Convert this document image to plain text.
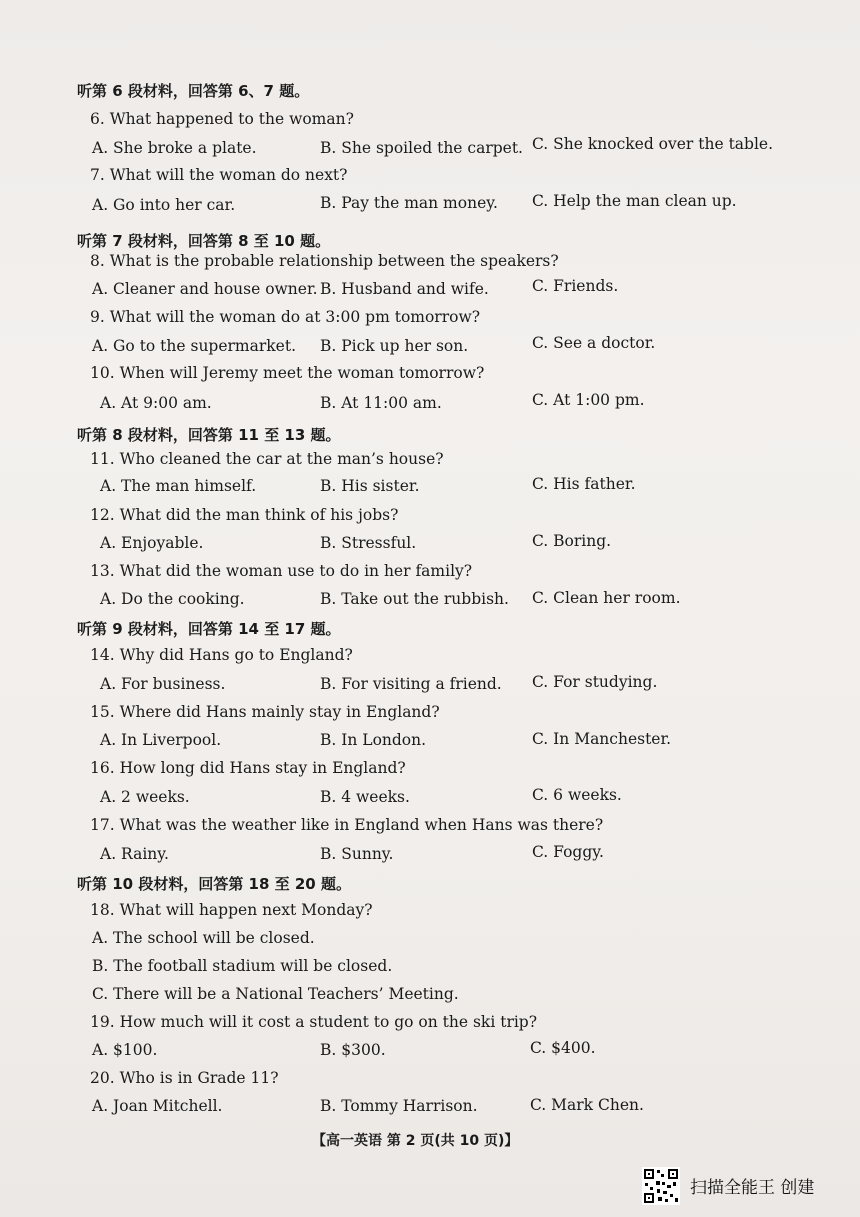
听第 6 段材料，回答第 6、7 题。
听第 7 段材料，回答第 8 至 10 题。
听第 8 段材料，回答第 11 至 13 题。
听第 9 段材料，回答第 14 至 17 题。
听第 10 段材料，回答第 18 至 20 题。
6. What happened to the woman?
A. She broke a plate.	B. She spoiled the carpet. C. She knocked over the table.
7. What will the woman do next?
A. Go into her car.	B. Pay the man money. C. Help the man clean up.
8. What is the probable relationship between the speakers?
A. Cleaner and house owner. B. Husband and wife.	C. Friends.
9. What will the woman do at 3:00 pm tomorrow?
A. Go to the supermarket. B. Pick up her son.	C. See a doctor.
10. When will Jeremy meet the woman tomorrow?
A. At 9:00 am.	B. At 11:00 am.	C. At 1:00 pm.
11. Who cleaned the car at the man’s house?
A. The man himself.	B. His sister.	C. His father.
12. What did the man think of his jobs?
A. Enjoyable.	B. Stressful.	C. Boring.
13. What did the woman use to do in her family?
A. Do the cooking.	B. Take out the rubbish. C. Clean her room.
14. Why did Hans go to England?
A. For business.	B. For visiting a friend. C. For studying.
15. Where did Hans mainly stay in England?
A. In Liverpool.	B. In London.	C. In Manchester.
16. How long did Hans stay in England?
A. 2 weeks.	B. 4 weeks.	C. 6 weeks.
17. What was the weather like in England when Hans was there?
A. Rainy.	B. Sunny.	C. Foggy.
18. What will happen next Monday?
A. The school will be closed.
B. The football stadium will be closed.
C. There will be a National Teachers’ Meeting.
19. How much will it cost a student to go on the ski trip?
A. $100.	B. $300.	C. $400.
20. Who is in Grade 11?
A. Joan Mitchell.	B. Tommy Harrison.	C. Mark Chen.
【高一英语 第 2 页(共 10 页)】
扫描全能王 创建
